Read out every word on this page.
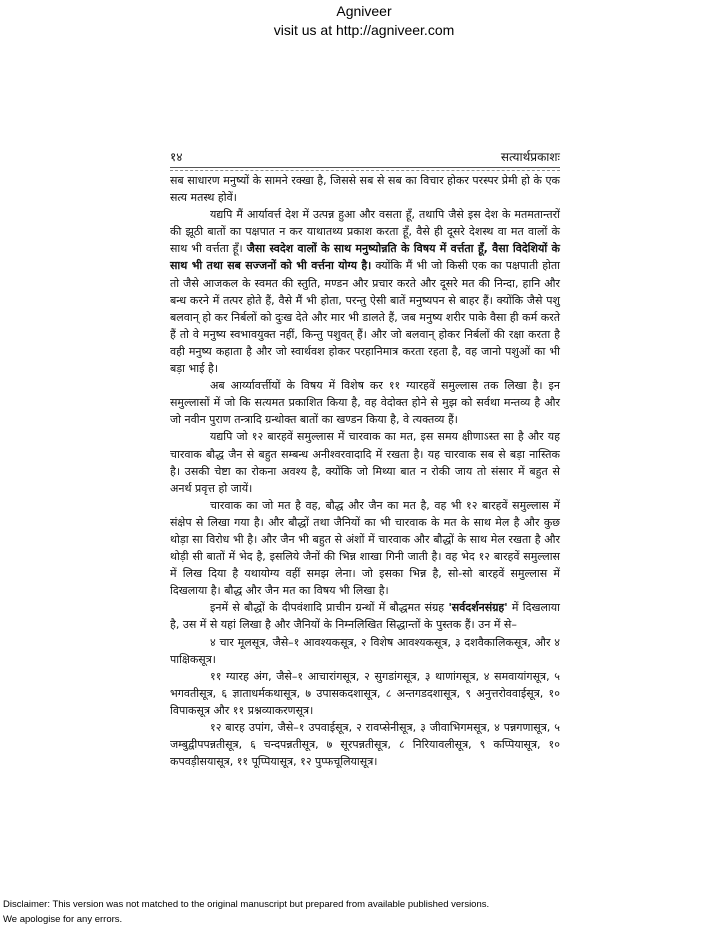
Agniveer
visit us at http://agniveer.com
१४	सत्यार्थप्रकाशः

सब साधारण मनुष्यों के सामने रक्खा है, जिससे सब से सब का विचार होकर परस्पर प्रेमी हो के एक सत्य मतस्थ होवें।

यद्यपि मैं आर्यावर्त्त देश में उत्पन्न हुआ और वसता हूँ, तथापि जैसे इस देश के मतमतान्तरों की झूठी बातों का पक्षपात न कर याथातथ्य प्रकाश करता हूँ, वैसे ही दूसरे देशस्थ वा मत वालों के साथ भी वर्त्तता हूँ। जैसा स्वदेश वालों के साथ मनुष्योन्नति के विषय में वर्त्तता हूँ, वैसा विदेशियों के साथ भी तथा सब सज्जनों को भी वर्त्तना योग्य है। क्योंकि मैं भी जो किसी एक का पक्षपाती होता तो जैसे आजकल के स्वमत की स्तुति, मण्डन और प्रचार करते और दूसरे मत की निन्दा, हानि और बन्ध करने में तत्पर होते हैं, वैसे मैं भी होता, परन्तु ऐसी बातें मनुष्यपन से बाहर हैं। क्योंकि जैसे पशु बलवान् हो कर निर्बलों को दुःख देते और मार भी डालते हैं, जब मनुष्य शरीर पाके वैसा ही कर्म करते हैं तो वे मनुष्य स्वभावयुक्त नहीं, किन्तु पशुवत् हैं। और जो बलवान् होकर निर्बलों की रक्षा करता है वही मनुष्य कहाता है और जो स्वार्थवश होकर परहानिमात्र करता रहता है, वह जानो पशुओं का भी बड़ा भाई है।

अब आर्य्यावर्त्तीयों के विषय में विशेष कर ११ ग्यारहवें समुल्लास तक लिखा है। इन समुल्लासों में जो कि सत्यमत प्रकाशित किया है, वह वेदोक्त होने से मुझ को सर्वथा मन्तव्य है और जो नवीन पुराण तन्त्रादि ग्रन्थोक्त बातों का खण्डन किया है, वे त्यक्तव्य हैं।

यद्यपि जो १२ बारहवें समुल्लास में चारवाक का मत, इस समय क्षीणाऽस्त सा है और यह चारवाक बौद्ध जैन से बहुत सम्बन्ध अनीश्वरवादादि में रखता है। यह चारवाक सब से बड़ा नास्तिक है। उसकी चेष्टा का रोकना अवश्य है, क्योंकि जो मिथ्या बात न रोकी जाय तो संसार में बहुत से अनर्थ प्रवृत्त हो जायें।

चारवाक का जो मत है वह, बौद्ध और जैन का मत है, वह भी १२ बारहवें समुल्लास में संक्षेप से लिखा गया है। और बौद्धों तथा जैनियों का भी चारवाक के मत के साथ मेल है और कुछ थोड़ा सा विरोध भी है। और जैन भी बहुत से अंशों में चारवाक और बौद्धों के साथ मेल रखता है और थोड़ी सी बातों में भेद है, इसलिये जैनों की भिन्न शाखा गिनी जाती है। वह भेद १२ बारहवें समुल्लास में लिख दिया है यथायोग्य वहीं समझ लेना। जो इसका भिन्न है, सो-सो बारहवें समुल्लास में दिखलाया है। बौद्ध और जैन मत का विषय भी लिखा है।

इनमें से बौद्धों के दीपवंशादि प्राचीन ग्रन्थों में बौद्धमत संग्रह 'सर्वदर्शनसंग्रह' में दिखलाया है, उस में से यहां लिखा है और जैनियों के निम्नलिखित सिद्धान्तों के पुस्तक हैं। उन में से–

४ चार मूलसूत्र, जैसे–१ आवश्यकसूत्र, २ विशेष आवश्यकसूत्र, ३ दशवैकालिकसूत्र, और ४ पाक्षिकसूत्र।

११ ग्यारह अंग, जैसे–१ आचारांगसूत्र, २ सुगडांगसूत्र, ३ थाणांगसूत्र, ४ समवायांगसूत्र, ५ भगवतीसूत्र, ६ ज्ञाताधर्मकथासूत्र, ७ उपासकदशासूत्र, ८ अन्तगडदशासूत्र, ९ अनुत्तरोववाईसूत्र, १० विपाकसूत्र और ११ प्रश्नव्याकरणसूत्र।

१२ बारह उपांग, जैसे–१ उपवाईसूत्र, २ रावप्सेनीसूत्र, ३ जीवाभिगमसूत्र, ४ पन्नगणासूत्र, ५ जम्बुद्वीपपन्नतीसूत्र, ६ चन्दपन्नतीसूत्र, ७ सूरपन्नतीसूत्र, ८ निरियावलीसूत्र, ९ कप्पियासूत्र, १० कपवड़ीसयासूत्र, ११ पूप्पियासूत्र, १२ पुप्फचूलियासूत्र।

Disclaimer: This version was not matched to the original manuscript but prepared from available published versions.
We apologise for any errors.
